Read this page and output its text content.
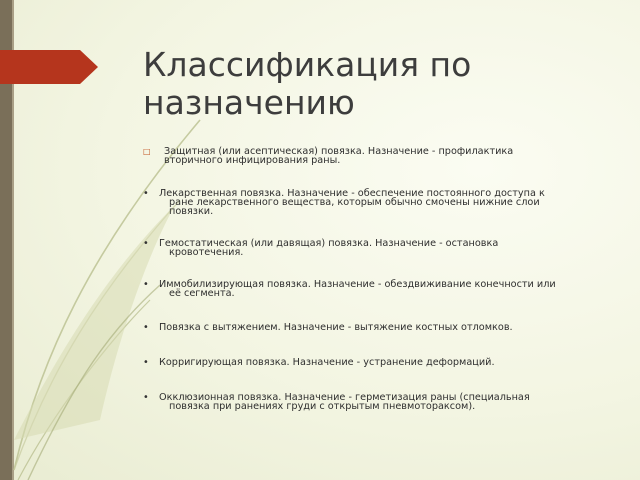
Классификация по
назначению
□	Защитная (или асептическая) повязка. Назначение - профилактика
вторичного инфицирования раны.
• Лекарственная повязка. Назначение - обеспечение постоянного доступа к
ране лекарственного вещества, которым обычно смочены нижние слои
повязки.
• Гемостатическая (или давящая) повязка. Назначение - остановка
кровотечения.
• Иммобилизирующая повязка. Назначение - обездвиживание конечности или
её сегмента.
• Повязка с вытяжением. Назначение - вытяжение костных отломков.
• Корригирующая повязка. Назначение - устранение деформаций.
• Окклюзионная повязка. Назначение - герметизация раны (специальная
повязка при ранениях груди с открытым пневмотораксом).
